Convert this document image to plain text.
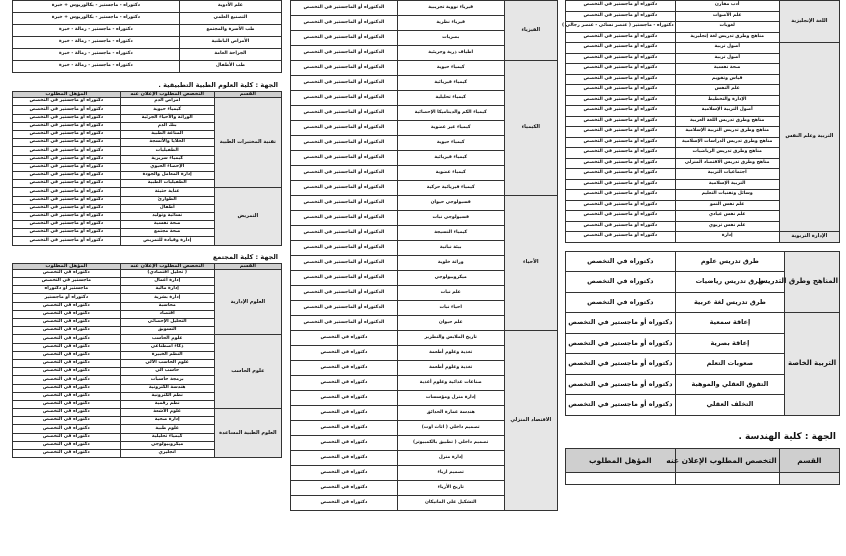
اللغة الإنجليزية	أدب مقارن	دكتوراه أو ماجستير في التخصص
	علم الأصوات	دكتوراه أو ماجستير في التخصص
	لغويات	دكتوراه - ماجستير ( عنصر نسائي - عنصر رجالي )
	مناهج وطرق تدريس لغة إنجليزية	دكتوراه أو ماجستير في التخصص
التربية وعلم النفس	أصول تربية	دكتوراه أو ماجستير في التخصص
	أصول تربية	دكتوراه أو ماجستير في التخصص
	صحة نفسية	دكتوراه أو ماجستير في التخصص
	قياس وتقويم	دكتوراه أو ماجستير في التخصص
	علم النفس	دكتوراه أو ماجستير في التخصص
	الإدارة والتخطيط	دكتوراه أو ماجستير في التخصص
	أصول التربية الإسلامية	دكتوراه أو ماجستير في التخصص
	مناهج وطرق تدريس اللغة العربية	دكتوراه أو ماجستير في التخصص
	مناهج وطرق تدريس التربية الإسلامية	دكتوراه أو ماجستير في التخصص
	مناهج وطرق تدريس الدراسات الإسلامية	دكتوراه أو ماجستير في التخصص
	مناهج وطرق تدريس الرياضيات	دكتوراه أو ماجستير في التخصص
	مناهج وطرق تدريس الاقتصاد المنزلي	دكتوراه أو ماجستير في التخصص
	اجتماعيات التربية	دكتوراه أو ماجستير في التخصص
	التربية الإسلامية	دكتوراه أو ماجستير في التخصص
	وسائل وتقنيات التعليم	دكتوراه أو ماجستير في التخصص
	علم نفس النمو	دكتوراه أو ماجستير في التخصص
	علم نفس عيادي	دكتوراه أو ماجستير في التخصص
	علم نفس تربوي	دكتوراه أو ماجستير في التخصص
الإدارة التربوية	إدارة	دكتوراه أو ماجستير في التخصص
المناهج وطرق التدريس	طرق تدريس علوم	دكتوراه في التخصص
	طرق تدريس رياضيات	دكتوراه في التخصص
	طرق تدريس لغة عربية	دكتوراه في التخصص
التربية الخاصة	إعاقة سمعية	دكتوراه أو ماجستير في التخصص
	إعاقة بصرية	دكتوراه أو ماجستير في التخصص
	صعوبات التعلم	دكتوراه أو ماجستير في التخصص
	التفوق العقلي والموهبة	دكتوراه أو ماجستير في التخصص
	التخلف العقلي	دكتوراه أو ماجستير في التخصص
الجهة : كلية الهندسة .
القسم	التخصص المطلوب الإعلان عنه	المؤهل المطلوب

الفيزياء	فيزياء نووية تجريبية	الدكتوراه أو الماجستير في التخصص
	فيزياء نظرية	الدكتوراه أو الماجستير في التخصص
	بصريات	الدكتوراه أو الماجستير في التخصص
	اطياف ذرية وجزيئية	الدكتوراه أو الماجستير في التخصص
الكيمياء	كيمياء حيوية	الدكتوراه أو الماجستير في التخصص
	كيمياء فيزيائية	الدكتوراه أو الماجستير في التخصص
	كيمياء تحليلية	الدكتوراه أو الماجستير في التخصص
	كيمياء الكم والديناميكا الإحصائية	الدكتوراه أو الماجستير في التخصص
	كيمياء غير عضوية	الدكتوراه أو الماجستير في التخصص
	كيمياء حيوية	الدكتوراه أو الماجستير في التخصص
	كيمياء فيزيائية	الدكتوراه أو الماجستير في التخصص
	كيمياء عضوية	الدكتوراه أو الماجستير في التخصص
	كيمياء فيزيائية حركية	الدكتوراه أو الماجستير في التخصص
الأحياء	فسيولوجي حيوان	الدكتوراه أو الماجستير في التخصص
	فسيولوجي نبات	الدكتوراه أو الماجستير في التخصص
	كيمياء النسيجة	الدكتوراه أو الماجستير في التخصص
	بيئة نباتية	الدكتوراه أو الماجستير في التخصص
	وراثة خلوية	الدكتوراه أو الماجستير في التخصص
	ميكروبيولوجي	الدكتوراه أو الماجستير في التخصص
	علم نبات	الدكتوراه أو الماجستير في التخصص
	احياء نبات	الدكتوراه أو الماجستير في التخصص
	علم حيوان	الدكتوراه أو الماجستير في التخصص
الاقتصاد المنزلي	تاريخ الملابس والتطريز	دكتوراه في التخصص
	تغذية وعلوم أطعمة	دكتوراه في التخصص
	تغذية وعلوم أطعمة	دكتوراه في التخصص
	صناعات غذائية وعلوم أغذية	دكتوراه في التخصص
	إدارة منزل ومؤسسات	دكتوراه في التخصص
	هندسة عمارة الحدائق	دكتوراه في التخصص
	تصميم داخلي ( اثاث اوت)	دكتوراه في التخصص
	تصميم داخلي ( تطبيق بالكمبيوتر)	دكتوراه في التخصص
	إدارة منزل	دكتوراه في التخصص
	تصميم ازياء	دكتوراه في التخصص
	تاريخ الأزياء	دكتوراه في التخصص
	التشكيل على المانيكان	دكتوراه في التخصص
علم الأدوية	دكتوراه - ماجستير - بكالوريوس + خبرة
التصنيع العلمي	دكتوراه - ماجستير - بكالوريوس + خبرة
طب الأسرة والمجتمع	دكتوراه - ماجستير - زمالة - خبرة
الأمراض الباطنية	دكتوراه - ماجستير - زمالة - خبرة
الجراحة العامة	دكتوراه - ماجستير - زمالة - خبرة
طب الأطفال	دكتوراه - ماجستير - زمالة - خبرة
الجهة : كلية العلوم الطبية التطبيقية .
القسم	التخصص المطلوب الإعلان عنه	المؤهل المطلوب
تقنية المختبرات الطبية	امراض الدم	دكتوراه أو ماجستير في التخصص
	كيمياء حيوية	دكتوراه أو ماجستير في التخصص
	الوراثة والأحياء الجزئية	دكتوراه أو ماجستير في التخصص
	بنك الدم	دكتوراه أو ماجستير في التخصص
	المناعة الطبية	دكتوراه أو ماجستير في التخصص
	الخلايا والأنسجة	دكتوراه أو ماجستير في التخصص
	الطفيليات	دكتوراه أو ماجستير في التخصص
	كيمياء سريرية	دكتوراه أو ماجستير في التخصص
	الإحصاء الحيوي	دكتوراه أو ماجستير في التخصص
	إدارة المعامل والجودة	دكتوراه أو ماجستير في التخصص
	الطفيليات الطبية	دكتوراه أو ماجستير في التخصص
التمريض	عناية حثيثة	دكتوراه أو ماجستير في التخصص
	الطوارئ	دكتوراه أو ماجستير في التخصص
	أطفال	دكتوراه أو ماجستير في التخصص
	نسائية وتوليد	دكتوراه أو ماجستير في التخصص
	صحة نفسية	دكتوراه أو ماجستير في التخصص
	صحة مجتمع	دكتوراه أو ماجستير في التخصص
	إدارة وقيادة للتمريض	دكتوراه أو ماجستير في التخصص
الجهة : كلية المجتمع
القسم	التخصص المطلوب الإعلان عنه	المؤهل المطلوب
العلوم الإدارية	( تحليل اقتصادي)	دكتوراه في التخصص
	إدارة أعمال	ماجستير في التخصص
	إدارة مالية	ماجستير أو دكتوراه
	إدارة بشرية	دكتوراه أو ماجستير
	محاسبة	دكتوراه في التخصص
	اقتصاد	دكتوراه في التخصص
	التحليل الإحصائي	دكتوراه في التخصص
	التسويق	دكتوراه في التخصص
علوم الحاسب	علوم الحاسب	دكتوراه في التخصص
	ذكاء اصطناعي	دكتوراه في التخصص
	النظم الخبيرة	دكتوراه في التخصص
	علوم الحاسب الآلي	دكتوراه في التخصص
	حاسب آلي	دكتوراه في التخصص
	برمجة حاسبات	دكتوراه في التخصص
	هندسة الكترونية	دكتوراه في التخصص
	نظم الكترونية	دكتوراه في التخصص
	نظم رقمية	دكتوراه في التخصص
العلوم الطبية المساعدة	علوم الأشعة	دكتوراه في التخصص
	إدارة صحية	دكتوراه في التخصص
	علوم طبية	دكتوراه في التخصص
	كيمياء تحليلية	دكتوراه في التخصص
	ميكروبيولوجي	دكتوراه في التخصص
	انجليزي	دكتوراه في التخصص
